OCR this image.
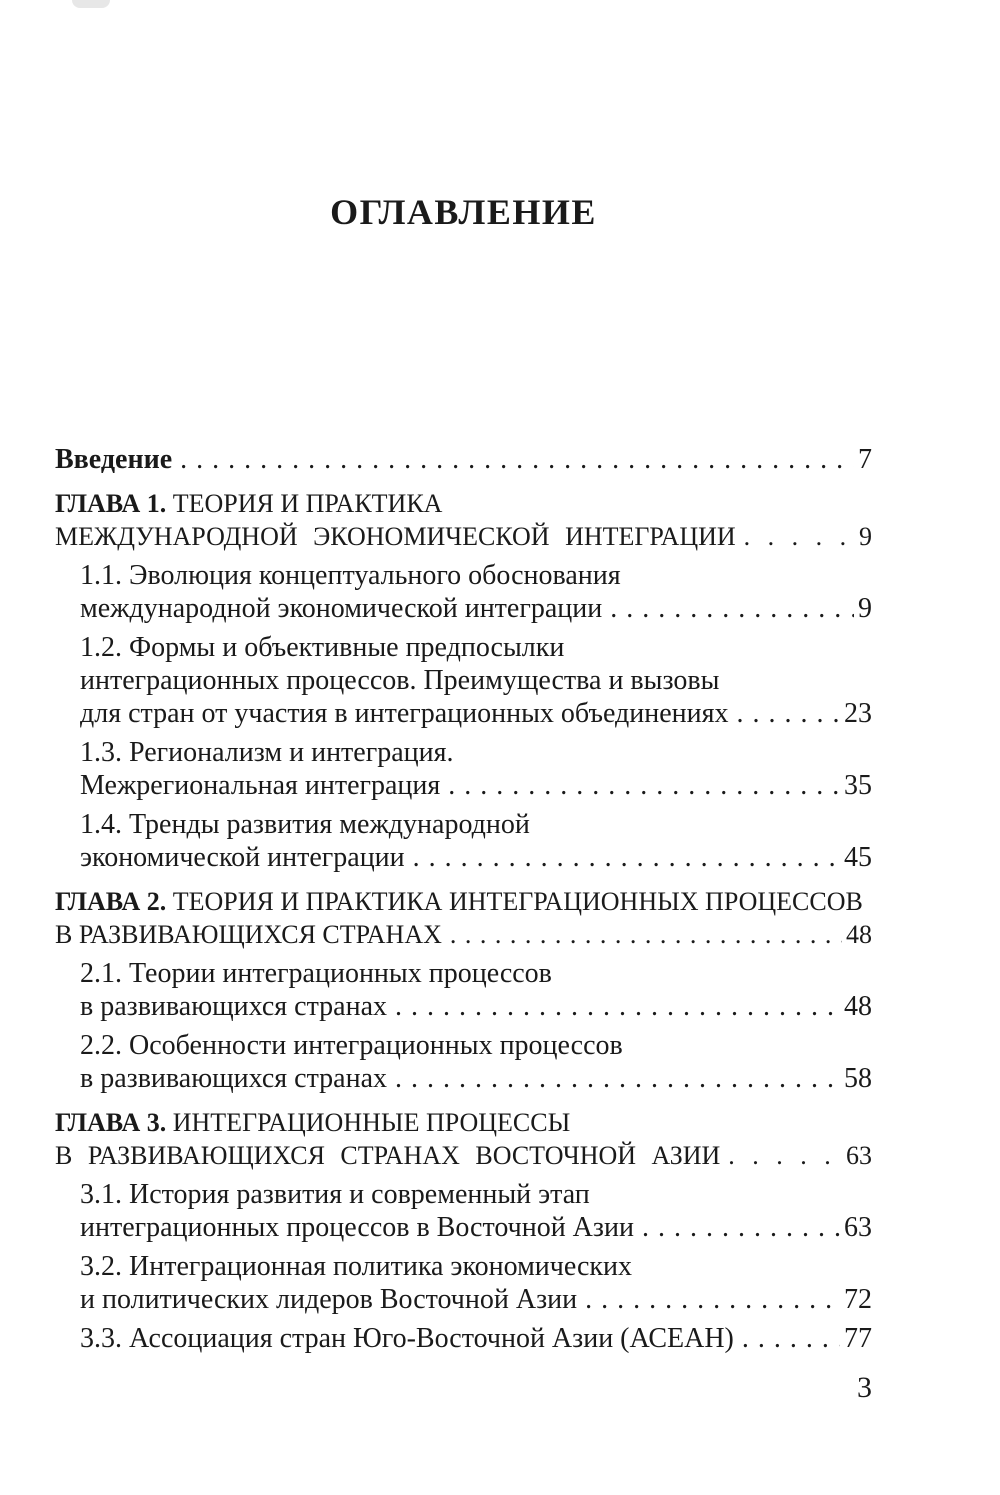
ОГЛАВЛЕНИЕ
Введение . . .	7
ГЛАВА 1. ТЕОРИЯ И ПРАКТИКА
МЕЖДУНАРОДНОЙ ЭКОНОМИЧЕСКОЙ ИНТЕГРАЦИИ . . .	9
1.1. Эволюция концептуального обоснования
международной экономической интеграции . . .	9
1.2. Формы и объективные предпосылки
интеграционных процессов. Преимущества и вызовы
для стран от участия в интеграционных объединениях . . .	23
1.3. Регионализм и интеграция.
Межрегиональная интеграция . . .	35
1.4. Тренды развития международной
экономической интеграции . . .	45
ГЛАВА 2. ТЕОРИЯ И ПРАКТИКА ИНТЕГРАЦИОННЫХ ПРОЦЕССОВ
В РАЗВИВАЮЩИХСЯ СТРАНАХ . . .	48
2.1. Теории интеграционных процессов
в развивающихся странах . . .	48
2.2. Особенности интеграционных процессов
в развивающихся странах . . .	58
ГЛАВА 3. ИНТЕГРАЦИОННЫЕ ПРОЦЕССЫ
В РАЗВИВАЮЩИХСЯ СТРАНАХ ВОСТОЧНОЙ АЗИИ . . .	63
3.1. История развития и современный этап
интеграционных процессов в Восточной Азии . . .	63
3.2. Интеграционная политика экономических
и политических лидеров Восточной Азии . . .	72
3.3. Ассоциация стран Юго-Восточной Азии (АСЕАН) . . .	77
3
